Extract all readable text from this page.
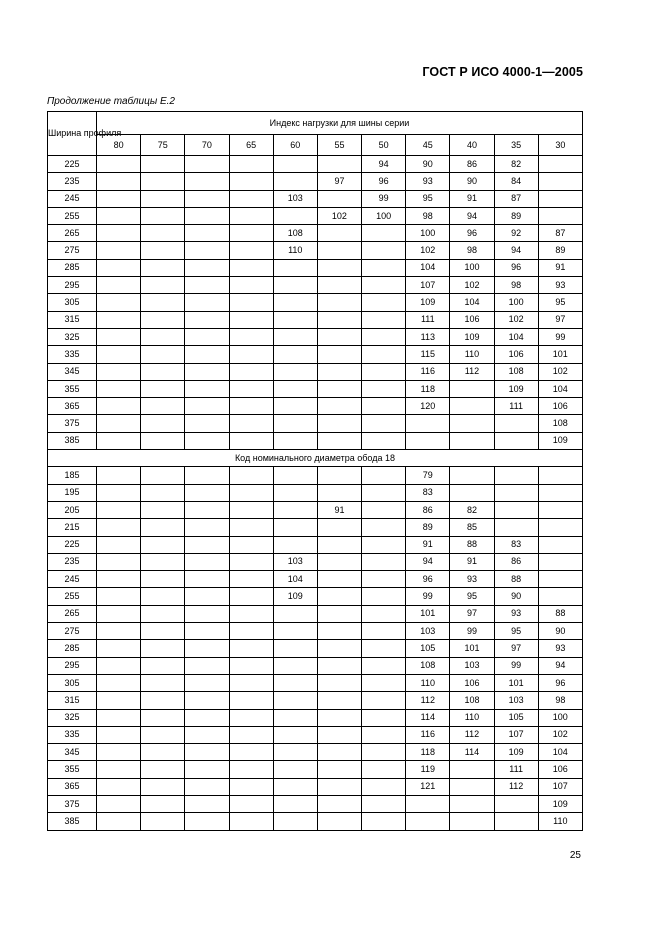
ГОСТ Р ИСО 4000-1—2005
Продолжение таблицы Е.2
Ширина профиля	Индекс нагрузки для шины серии										
	80	75	70	65	60	55	50	45	40	35	30
225							94	90	86	82	
235						97	96	93	90	84	
245					103		99	95	91	87	
255						102	100	98	94	89	
265					108			100	96	92	87
275					110			102	98	94	89
285								104	100	96	91
295								107	102	98	93
305								109	104	100	95
315								111	106	102	97
325								113	109	104	99
335								115	110	106	101
345								116	112	108	102
355								118		109	104
365								120		111	106
375											108
385											109
Код номинального диаметра обода 18											
185								79			
195								83			
205						91		86	82		
215								89	85		
225								91	88	83	
235					103			94	91	86	
245					104			96	93	88	
255					109			99	95	90	
265								101	97	93	88
275								103	99	95	90
285								105	101	97	93
295								108	103	99	94
305								110	106	101	96
315								112	108	103	98
325								114	110	105	100
335								116	112	107	102
345								118	114	109	104
355								119		111	106
365								121		112	107
375											109
385											110
25
